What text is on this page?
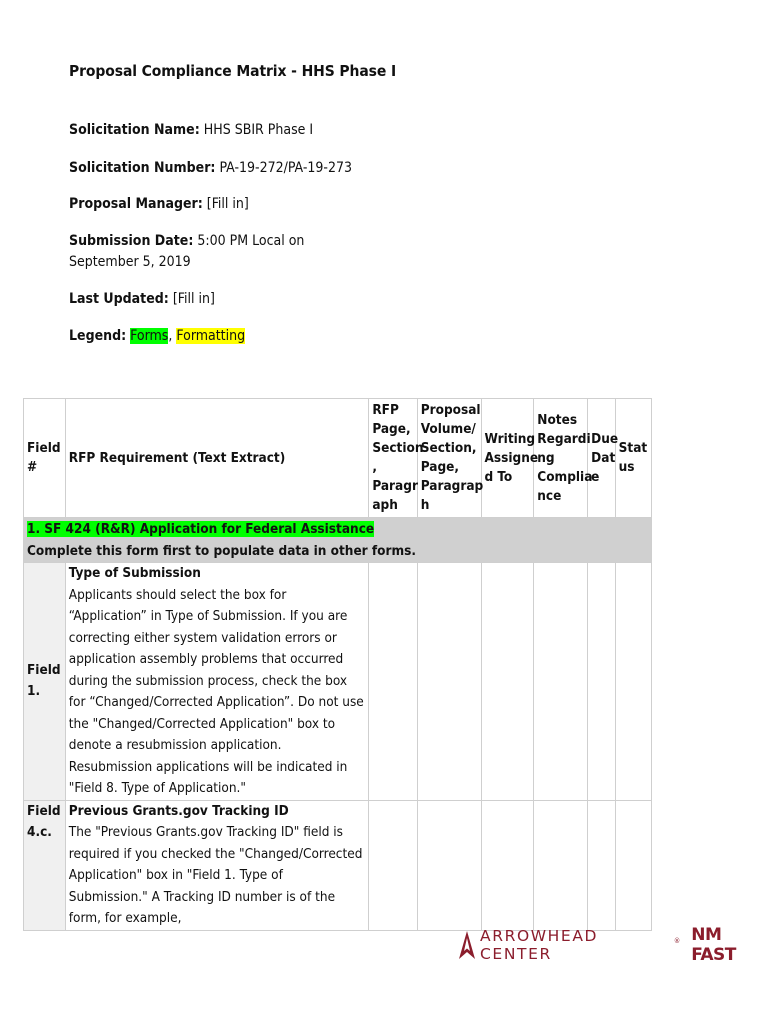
Proposal Compliance Matrix - HHS Phase I
Solicitation Name: HHS SBIR Phase I
Solicitation Number: PA-19-272/PA-19-273
Proposal Manager: [Fill in]
Submission Date: 5:00 PM Local on September 5, 2019
Last Updated: [Fill in]
Legend: Forms, Formatting
Field #	RFP Requirement (Text Extract)	RFP Page, Section , Paragr aph	Proposal Volume/ Section, Page, Paragrap h	Writing Assigne d To	Notes Regardi ng Complia nce	Due Dat e	Stat us
1. SF 424 (R&R) Application for Federal Assistance
Complete this form first to populate data in other forms.							
Field 1.	Type of Submission
Applicants should select the box for “Application” in Type of Submission. If you are correcting either system validation errors or application assembly problems that occurred during the submission process, check the box for “Changed/Corrected Application”. Do not use the "Changed/Corrected Application" box to denote a resubmission application. Resubmission applications will be indicated in "Field 8. Type of Application."						

Field 4.c.	Previous Grants.gov Tracking ID
The "Previous Grants.gov Tracking ID" field is required if you checked the "Changed/Corrected Application" box in "Field 1. Type of Submission." A Tracking ID number is of the form, for example,						

ARROWHEAD CENTER
® NM FAST
